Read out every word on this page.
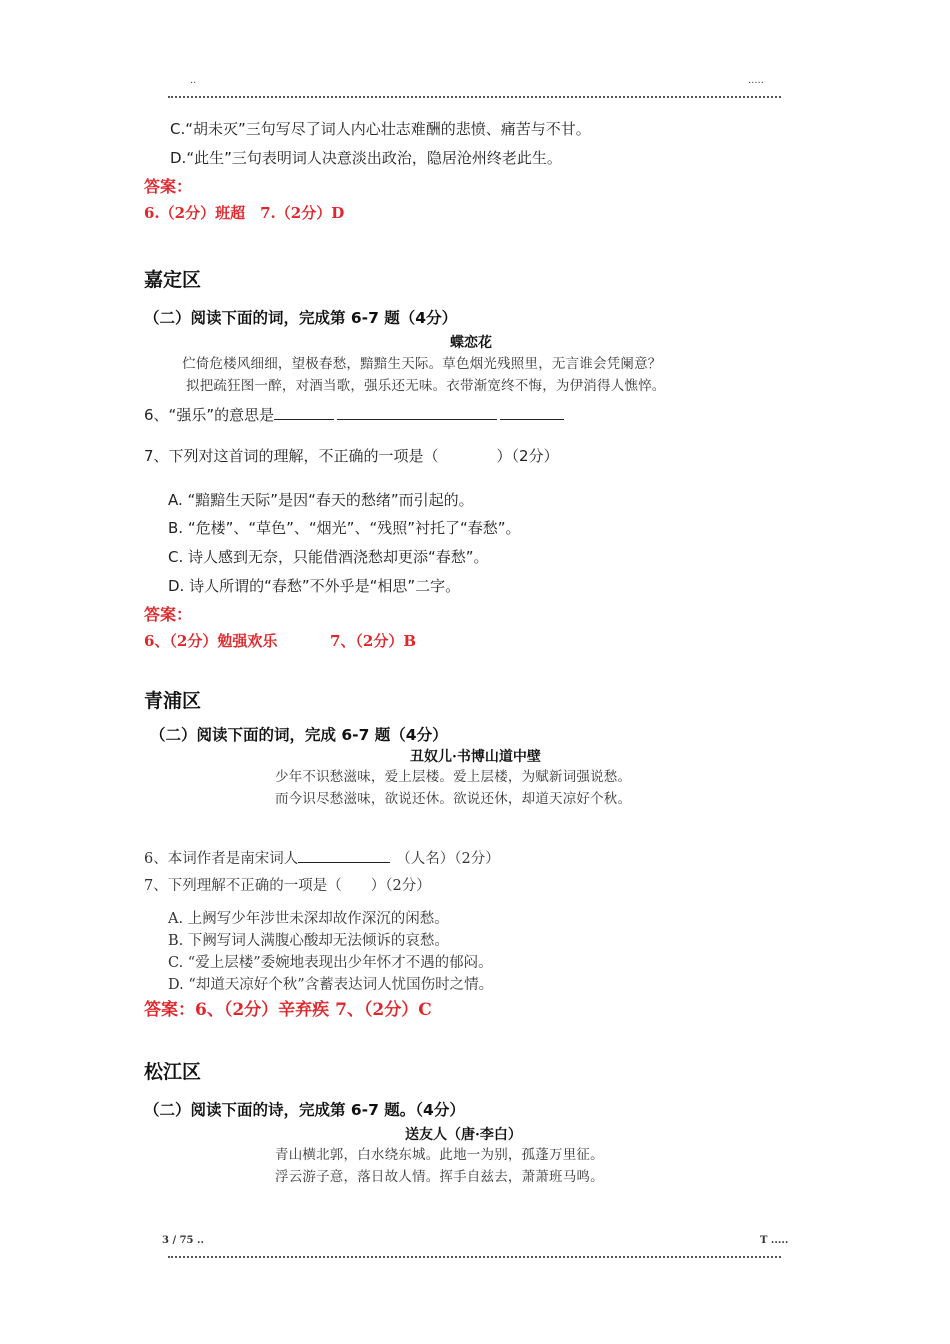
..	.....
C.“胡未灭”三句写尽了词人内心壮志难酬的悲愤、痛苦与不甘。
D.“此生”三句表明词人决意淡出政治，隐居沧州终老此生。
答案：
6.（2分）班超　7.（2分）D
嘉定区
（二）阅读下面的词，完成第 6-7 题（4分）
蝶恋花
伫倚危楼风细细，望极春愁，黯黯生天际。草色烟光残照里，无言谁会凭阑意？
拟把疏狂图一醉，对酒当歌，强乐还无味。衣带渐宽终不悔，为伊消得人憔悴。
6、“强乐”的意思是
7、下列对这首词的理解，不正确的一项是（	）（2分）
A. “黯黯生天际”是因“春天的愁绪”而引起的。
B. “危楼”、“草色”、“烟光”、“残照”衬托了“春愁”。
C. 诗人感到无奈，只能借酒浇愁却更添“春愁”。
D. 诗人所谓的“春愁”不外乎是“相思”二字。
答案：
6、（2分）勉强欢乐	7、（2分）B
青浦区
（二）阅读下面的词，完成 6-7 题（4分）
丑奴儿·书博山道中壁
少年不识愁滋味，爱上层楼。爱上层楼，为赋新词强说愁。
而今识尽愁滋味，欲说还休。欲说还休，却道天凉好个秋。
6、本词作者是南宋词人	（人名）（2分）
7、下列理解不正确的一项是（　　）（2分）
A. 上阙写少年涉世未深却故作深沉的闲愁。
B. 下阙写词人满腹心酸却无法倾诉的哀愁。
C. “爱上层楼”委婉地表现出少年怀才不遇的郁闷。
D. “却道天凉好个秋”含蓄表达词人忧国伤时之情。
答案：6、（2分）辛弃疾 7、（2分）C
松江区
（二）阅读下面的诗，完成第 6-7 题。（4分）
送友人（唐·李白）
青山横北郭，白水绕东城。此地一为别，孤蓬万里征。
浮云游子意，落日故人情。挥手自兹去，萧萧班马鸣。
3 / 75 ..	T .....
